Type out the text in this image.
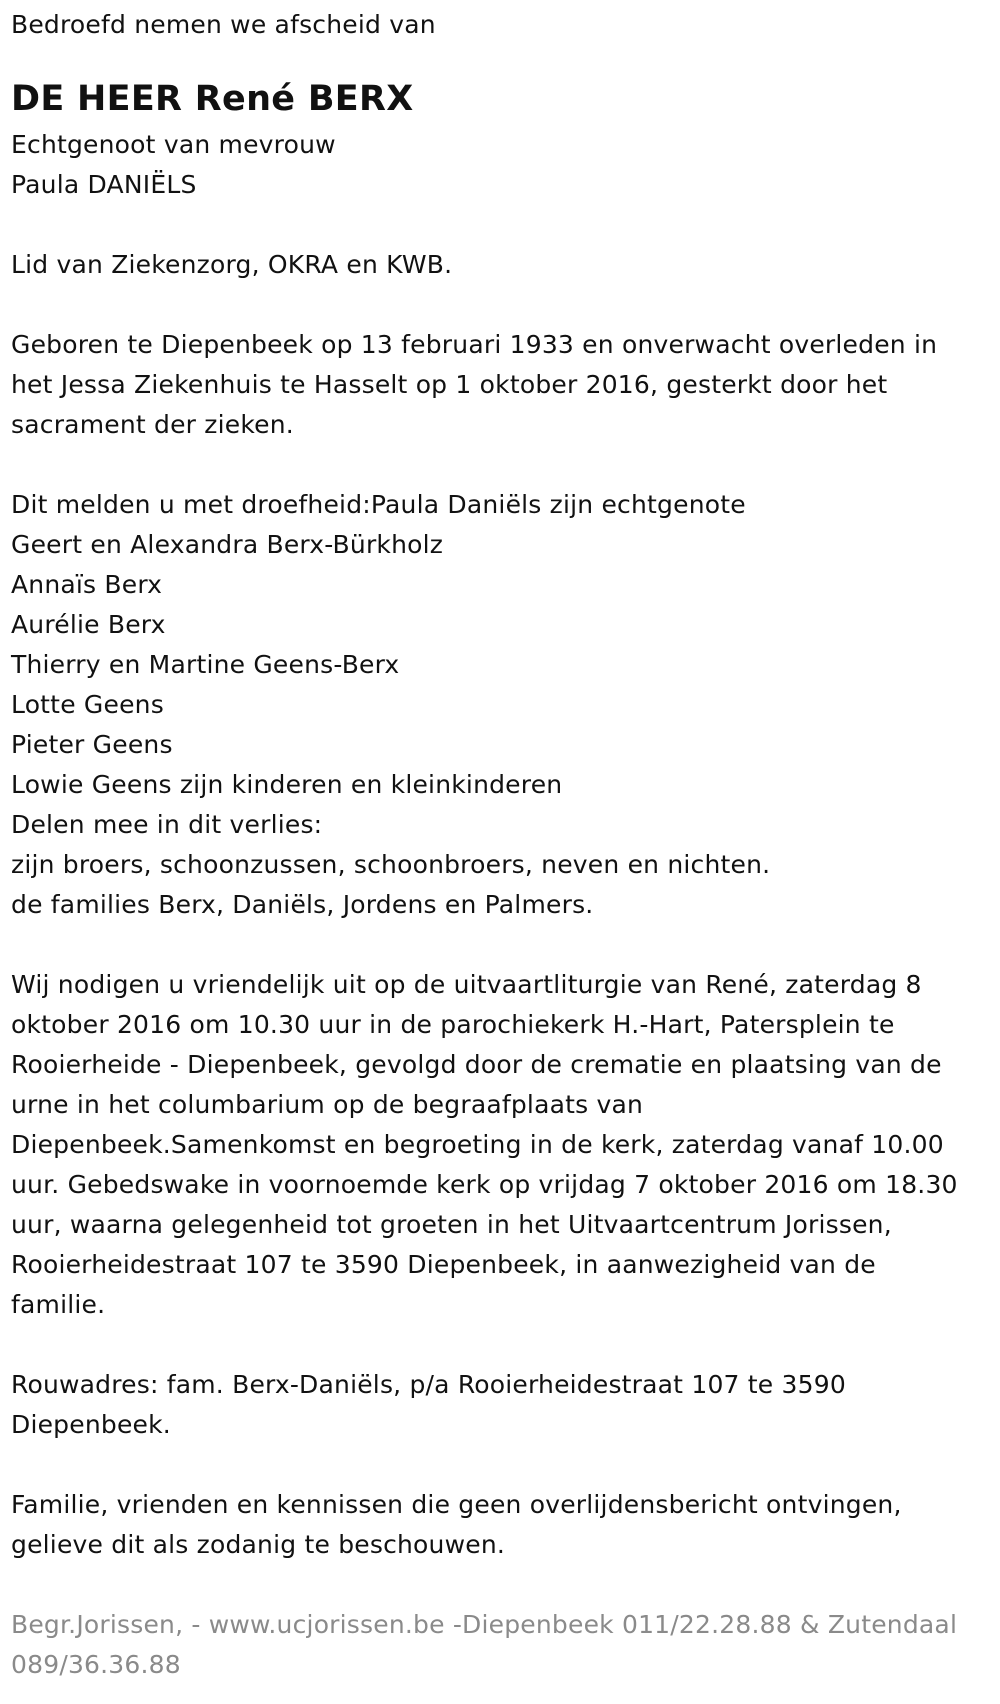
Bedroefd nemen we afscheid van
DE HEER René BERX
Echtgenoot van mevrouw
Paula DANIËLS
Lid van Ziekenzorg, OKRA en KWB.
Geboren te Diepenbeek op 13 februari 1933 en onverwacht overleden in
het Jessa Ziekenhuis te Hasselt op 1 oktober 2016, gesterkt door het
sacrament der zieken.
Dit melden u met droefheid:Paula Daniëls zijn echtgenote
Geert en Alexandra Berx-Bürkholz
Annaïs Berx
Aurélie Berx
Thierry en Martine Geens-Berx
Lotte Geens
Pieter Geens
Lowie Geens zijn kinderen en kleinkinderen
Delen mee in dit verlies:
zijn broers, schoonzussen, schoonbroers, neven en nichten.
de families Berx, Daniëls, Jordens en Palmers.
Wij nodigen u vriendelijk uit op de uitvaartliturgie van René, zaterdag 8
oktober 2016 om 10.30 uur in de parochiekerk H.-Hart, Patersplein te
Rooierheide - Diepenbeek, gevolgd door de crematie en plaatsing van de
urne in het columbarium op de begraafplaats van
Diepenbeek.Samenkomst en begroeting in de kerk, zaterdag vanaf 10.00
uur. Gebedswake in voornoemde kerk op vrijdag 7 oktober 2016 om 18.30
uur, waarna gelegenheid tot groeten in het Uitvaartcentrum Jorissen,
Rooierheidestraat 107 te 3590 Diepenbeek, in aanwezigheid van de
familie.
Rouwadres: fam. Berx-Daniëls, p/a Rooierheidestraat 107 te 3590
Diepenbeek.
Familie, vrienden en kennissen die geen overlijdensbericht ontvingen,
gelieve dit als zodanig te beschouwen.
Begr.Jorissen, - www.ucjorissen.be -Diepenbeek 011/22.28.88 & Zutendaal
089/36.36.88
